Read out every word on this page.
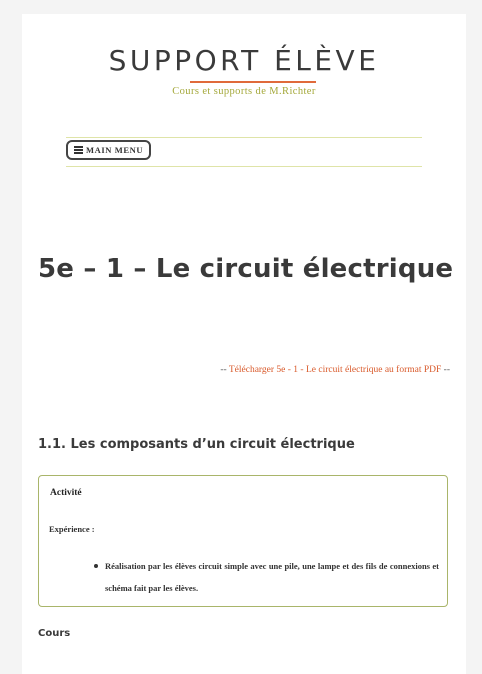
SUPPORT ÉLÈVE
Cours et supports de M.Richter
MAIN MENU
5e – 1 – Le circuit électrique
-- Télécharger 5e - 1 - Le circuit électrique au format PDF --
1.1. Les composants d’un circuit électrique
Activité
Expérience :
Réalisation par les élèves circuit simple avec une pile, une lampe et des fils de connexions et schéma fait par les élèves.
Cours
